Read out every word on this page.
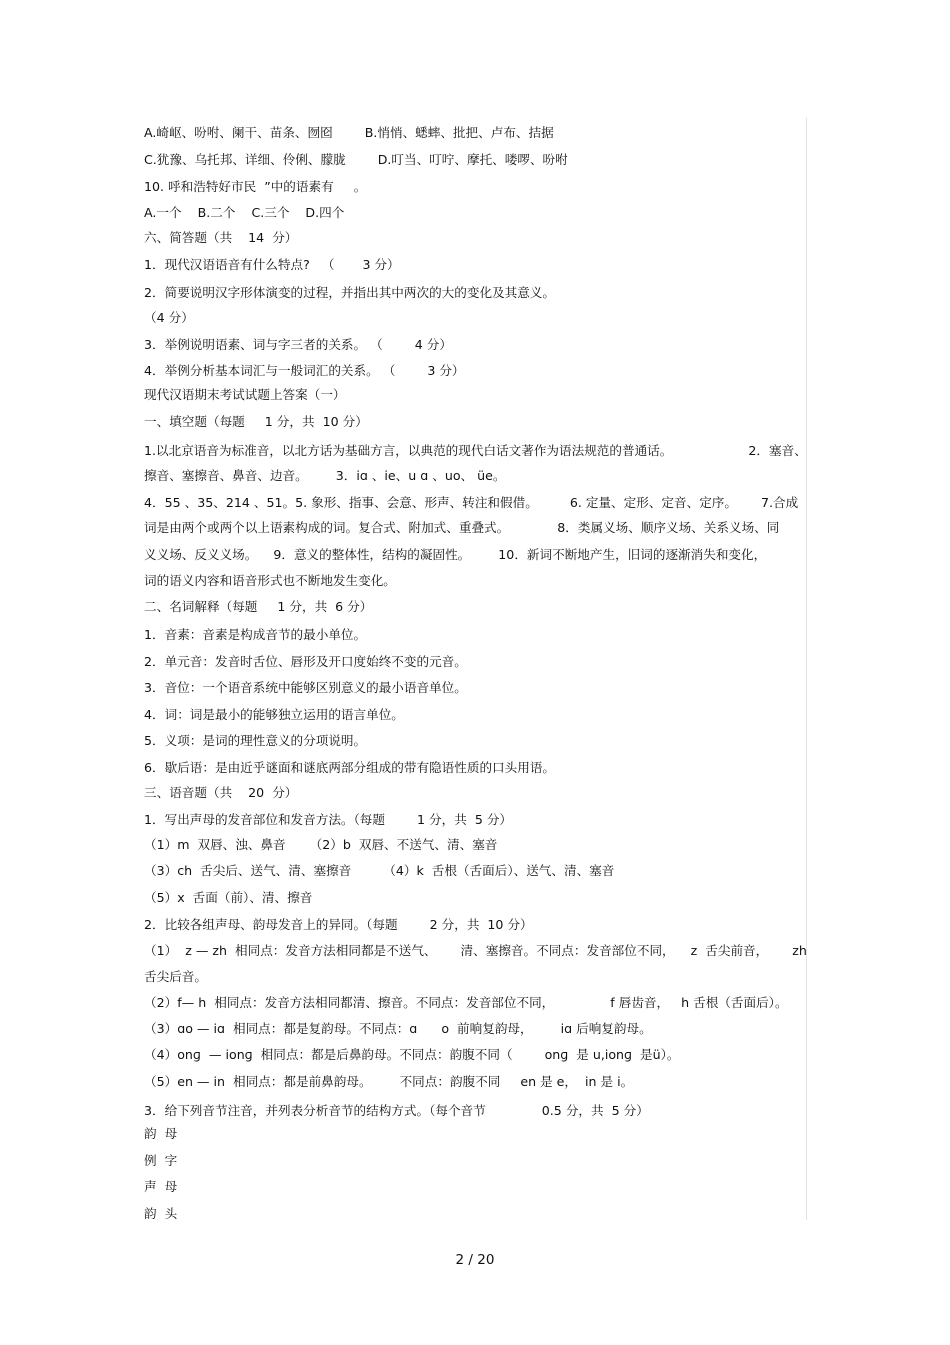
A.崎岖、吩咐、阑干、苗条、囫囵        B.悄悄、蟋蟀、批把、卢布、拮据
C.犹豫、乌托邦、详细、伶俐、朦胧        D.叮当、叮咛、摩托、喽啰、吩咐
10. 呼和浩特好市民  ”中的语素有     。
A.一个    B.二个    C.三个    D.四个
六、简答题（共    14  分）
1．现代汉语语音有什么特点?   （       3 分）
2．简要说明汉字形体演变的过程，并指出其中两次的大的变化及其意义。
（4 分）
3．举例说明语素、词与字三者的关系。 （        4 分）
4．举例分析基本词汇与一般词汇的关系。 （        3 分）
现代汉语期末考试试题上答案（一）
一、填空题（每题     1 分，共  10 分）
1.以北京语音为标准音，以北方话为基础方言，以典范的现代白话文著作为语法规范的普通话。                   2．塞音、
擦音、塞擦音、鼻音、边音。       3．iɑ 、ie、u ɑ 、uo、 üe。
4．55 、35、214 、51。5. 象形、指事、会意、形声、转注和假借。        6. 定量、定形、定音、定序。      7.合成
词是由两个或两个以上语素构成的词。复合式、附加式、重叠式。            8．类属义场、顺序义场、关系义场、同
义义场、反义义场。    9．意义的整体性，结构的凝固性。       10．新词不断地产生，旧词的逐渐消失和变化，
词的语义内容和语音形式也不断地发生变化。
二、名词解释（每题     1 分，共  6 分）
1．音素：音素是构成音节的最小单位。
2．单元音：发音时舌位、唇形及开口度始终不变的元音。
3．音位：一个语音系统中能够区别意义的最小语音单位。
4．词：词是最小的能够独立运用的语言单位。
5．义项：是词的理性意义的分项说明。
6．歇后语：是由近乎谜面和谜底两部分组成的带有隐语性质的口头用语。
三、语音题（共    20  分）
1．写出声母的发音部位和发音方法。（每题        1 分，共  5 分）
（1）m  双唇、浊、鼻音      （2）b  双唇、不送气、清、塞音
（3）ch  舌尖后、送气、清、塞擦音        （4）k  舌根（舌面后）、送气、清、塞音
（5）x  舌面（前）、清、擦音
2．比较各组声母、韵母发音上的异同。（每题        2 分，共  10 分）
（1）  z — zh  相同点：发音方法相同都是不送气、      清、塞擦音。不同点：发音部位不同，    z  舌尖前音，      zh
舌尖后音。
（2）f— h  相同点：发音方法相同都清、擦音。不同点：发音部位不同，              f 唇齿音，   h 舌根（舌面后）。
（3）ɑo — iɑ  相同点：都是复韵母。不同点：ɑ      o  前响复韵母，       iɑ 后响复韵母。
（4）onɡ  — ionɡ  相同点：都是后鼻韵母。不同点：韵腹不同（        onɡ  是 u,ionɡ  是ü）。
（5）en — in  相同点：都是前鼻韵母。       不同点：韵腹不同     en 是 e，  in 是 i。
3．给下列音节注音，并列表分析音节的结构方式。（每个音节              0.5 分，共  5 分）
韵  母
例  字
声  母
韵  头
2 / 20
